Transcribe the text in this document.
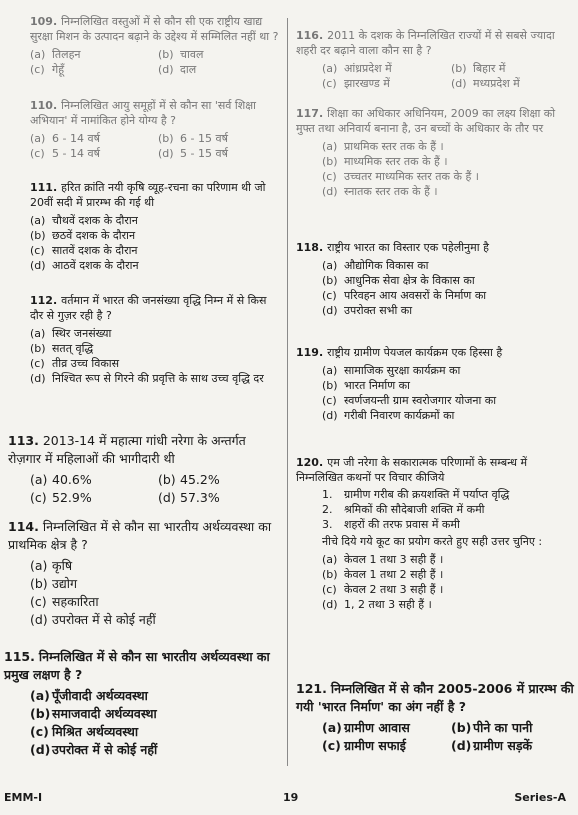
109. निम्नलिखित वस्तुओं में से कौन सी एक राष्ट्रीय खाद्य सुरक्षा मिशन के उत्पादन बढ़ाने के उद्देश्य में सम्मिलित नहीं था ?
(a) तिलहन	(b) चावल
(c) गेहूँ	(d) दाल
110. निम्नलिखित आयु समूहों में से कौन सा 'सर्व शिक्षा अभियान' में नामांकित होने योग्य है ?
(a) 6 - 14 वर्ष	(b) 6 - 15 वर्ष
(c) 5 - 14 वर्ष	(d) 5 - 15 वर्ष
111. हरित क्रांति नयी कृषि व्यूह-रचना का परिणाम थी जो 20वीं सदी में प्रारम्भ की गई थी
(a) चौथवें दशक के दौरान
(b) छठवें दशक के दौरान
(c) सातवें दशक के दौरान
(d) आठवें दशक के दौरान
112. वर्तमान में भारत की जनसंख्या वृद्धि निम्न में से किस दौर से गुज़र रही है ?
(a) स्थिर जनसंख्या
(b) सतत् वृद्धि
(c) तीव्र उच्च विकास
(d) निश्चित रूप से गिरने की प्रवृत्ति के साथ उच्च वृद्धि दर
113. 2013-14 में महात्मा गांधी नरेगा के अन्तर्गत रोज़गार में महिलाओं की भागीदारी थी
(a) 40.6%	(b) 45.2%
(c) 52.9%	(d) 57.3%
114. निम्नलिखित में से कौन सा भारतीय अर्थव्यवस्था का प्राथमिक क्षेत्र है ?
(a) कृषि
(b) उद्योग
(c) सहकारिता
(d) उपरोक्त में से कोई नहीं
115. निम्नलिखित में से कौन सा भारतीय अर्थव्यवस्था का प्रमुख लक्षण है ?
(a) पूँजीवादी अर्थव्यवस्था
(b) समाजवादी अर्थव्यवस्था
(c) मिश्रित अर्थव्यवस्था
(d) उपरोक्त में से कोई नहीं
116. 2011 के दशक के निम्नलिखित राज्यों में से सबसे ज्यादा शहरी दर बढ़ाने वाला कौन सा है ?
(a) आंध्रप्रदेश में	(b) बिहार में
(c) झारखण्ड में	(d) मध्यप्रदेश में
117. शिक्षा का अधिकार अधिनियम, 2009 का लक्ष्य शिक्षा को मुफ्त तथा अनिवार्य बनाना है, उन बच्चों के अधिकार के तौर पर
(a) प्राथमिक स्तर तक के हैं ।
(b) माध्यमिक स्तर तक के हैं ।
(c) उच्चतर माध्यमिक स्तर तक के हैं ।
(d) स्नातक स्तर तक के हैं ।
118. राष्ट्रीय भारत का विस्तार एक पहेलीनुमा है
(a) औद्योगिक विकास का
(b) आधुनिक सेवा क्षेत्र के विकास का
(c) परिवहन आय अवसरों के निर्माण का
(d) उपरोक्त सभी का
119. राष्ट्रीय ग्रामीण पेयजल कार्यक्रम एक हिस्सा है
(a) सामाजिक सुरक्षा कार्यक्रम का
(b) भारत निर्माण का
(c) स्वर्णजयन्ती ग्राम स्वरोजगार योजना का
(d) गरीबी निवारण कार्यक्रमों का
120. एम जी नरेगा के सकारात्मक परिणामों के सम्बन्ध में निम्नलिखित कथनों पर विचार कीजिये
1. ग्रामीण गरीब की क्रयशक्ति में पर्याप्त वृद्धि
2. श्रमिकों की सौदेबाजी शक्ति में कमी
3. शहरों की तरफ प्रवास में कमी
नीचे दिये गये कूट का प्रयोग करते हुए सही उत्तर चुनिए :
(a) केवल 1 तथा 3 सही हैं ।
(b) केवल 1 तथा 2 सही हैं ।
(c) केवल 2 तथा 3 सही हैं ।
(d) 1, 2 तथा 3 सही हैं ।
121. निम्नलिखित में से कौन 2005-2006 में प्रारम्भ की गयी 'भारत निर्माण' का अंग नहीं है ?
(a) ग्रामीण आवास	(b) पीने का पानी
(c) ग्रामीण सफाई	(d) ग्रामीण सड़कें
EMM-I	19	Series-A
